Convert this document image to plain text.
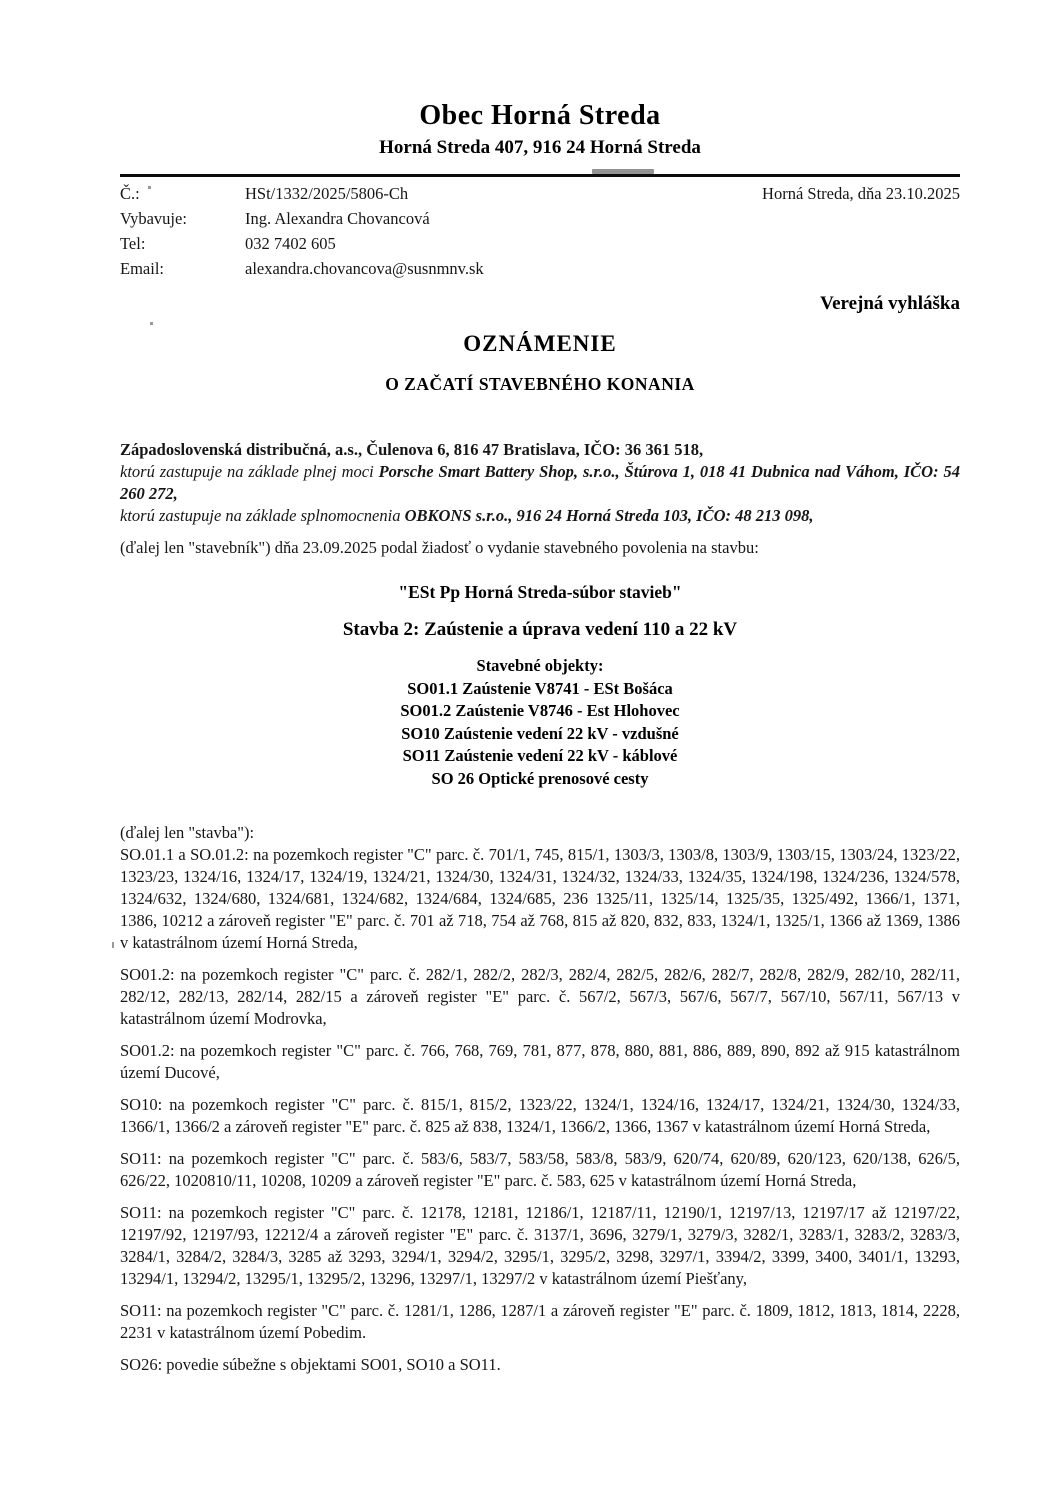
Obec Horná Streda
Horná Streda 407, 916 24 Horná Streda
Č.:	HSt/1332/2025/5806-Ch	Horná Streda, dňa 23.10.2025
Vybavuje:	Ing. Alexandra Chovancová
Tel:	032 7402 605
Email:	alexandra.chovancova@susnmnv.sk
Verejná vyhláška
OZNÁMENIE
O ZAČATÍ STAVEBNÉHO KONANIA

Západoslovenská distribučná, a.s., Čulenova 6, 816 47 Bratislava, IČO: 36 361 518,

ktorú zastupuje na základe plnej moci Porsche Smart Battery Shop, s.r.o., Štúrova 1, 018 41 Dubnica nad Váhom, IČO: 54 260 272,

ktorú zastupuje na základe splnomocnenia OBKONS s.r.o., 916 24 Horná Streda 103, IČO: 48 213 098,

(ďalej len "stavebník") dňa 23.09.2025 podal žiadosť o vydanie stavebného povolenia na stavbu:

"ESt Pp Horná Streda-súbor stavieb"
Stavba 2: Zaústenie a úprava vedení 110 a 22 kV
Stavebné objekty:
SO01.1 Zaústenie V8741 - ESt Bošáca
SO01.2 Zaústenie V8746 - Est Hlohovec
SO10 Zaústenie vedení 22 kV - vzdušné
SO11 Zaústenie vedení 22 kV - káblové
SO 26 Optické prenosové cesty

(ďalej len "stavba"):

SO.01.1 a SO.01.2: na pozemkoch register "C" parc. č. 701/1, 745, 815/1, 1303/3, 1303/8, 1303/9, 1303/15, 1303/24, 1323/22, 1323/23, 1324/16, 1324/17, 1324/19, 1324/21, 1324/30, 1324/31, 1324/32, 1324/33, 1324/35, 1324/198, 1324/236, 1324/578, 1324/632, 1324/680, 1324/681, 1324/682, 1324/684, 1324/685, 236 1325/11, 1325/14, 1325/35, 1325/492, 1366/1, 1371, 1386, 10212 a zároveň register "E" parc. č. 701 až 718, 754 až 768, 815 až 820, 832, 833, 1324/1, 1325/1, 1366 až 1369, 1386 v katastrálnom území Horná Streda,

SO01.2: na pozemkoch register "C" parc. č. 282/1, 282/2, 282/3, 282/4, 282/5, 282/6, 282/7, 282/8, 282/9, 282/10, 282/11, 282/12, 282/13, 282/14, 282/15 a zároveň register "E" parc. č. 567/2, 567/3, 567/6, 567/7, 567/10, 567/11, 567/13 v katastrálnom území Modrovka,

SO01.2: na pozemkoch register "C" parc. č. 766, 768, 769, 781, 877, 878, 880, 881, 886, 889, 890, 892 až 915 katastrálnom území Ducové,

SO10: na pozemkoch register "C" parc. č. 815/1, 815/2, 1323/22, 1324/1, 1324/16, 1324/17, 1324/21, 1324/30, 1324/33, 1366/1, 1366/2 a zároveň register "E" parc. č. 825 až 838, 1324/1, 1366/2, 1366, 1367 v katastrálnom území Horná Streda,

SO11: na pozemkoch register "C" parc. č. 583/6, 583/7, 583/58, 583/8, 583/9, 620/74, 620/89, 620/123, 620/138, 626/5, 626/22, 1020810/11, 10208, 10209 a zároveň register "E" parc. č. 583, 625 v katastrálnom území Horná Streda,

SO11: na pozemkoch register "C" parc. č. 12178, 12181, 12186/1, 12187/11, 12190/1, 12197/13, 12197/17 až 12197/22, 12197/92, 12197/93, 12212/4 a zároveň register "E" parc. č. 3137/1, 3696, 3279/1, 3279/3, 3282/1, 3283/1, 3283/2, 3283/3, 3284/1, 3284/2, 3284/3, 3285 až 3293, 3294/1, 3294/2, 3295/1, 3295/2, 3298, 3297/1, 3394/2, 3399, 3400, 3401/1, 13293, 13294/1, 13294/2, 13295/1, 13295/2, 13296, 13297/1, 13297/2 v katastrálnom území Piešťany,

SO11: na pozemkoch register "C" parc. č. 1281/1, 1286, 1287/1 a zároveň register "E" parc. č. 1809, 1812, 1813, 1814, 2228, 2231 v katastrálnom území Pobedim.

SO26: povedie súbežne s objektami SO01, SO10 a SO11.
